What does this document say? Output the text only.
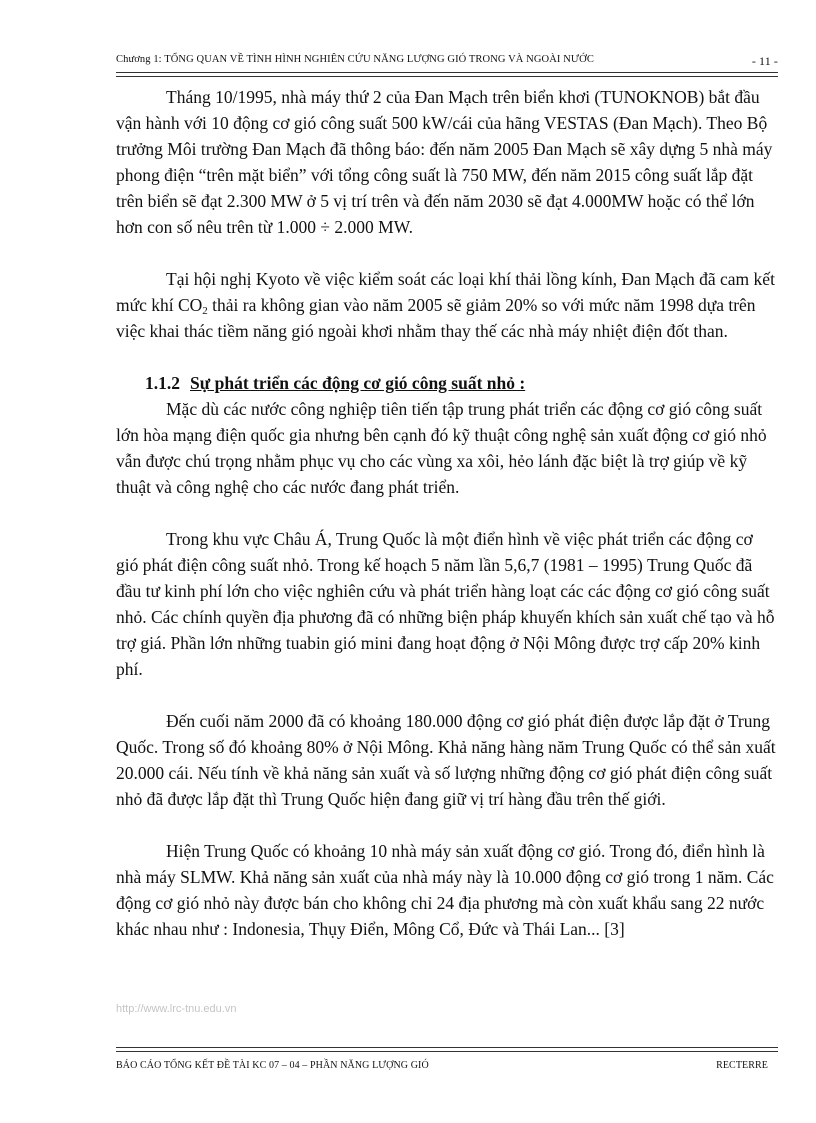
Chương 1: TỔNG QUAN VỀ TÌNH HÌNH NGHIÊN CỨU NĂNG LƯỢNG GIÓ TRONG VÀ NGOÀI NƯỚC	- 11 -

Tháng 10/1995, nhà máy thứ 2 của Đan Mạch trên biển khơi (TUNOKNOB) bắt đầu vận hành với 10 động cơ gió công suất 500 kW/cái của hãng VESTAS (Đan Mạch). Theo Bộ trưởng Môi trường Đan Mạch đã thông báo: đến năm 2005 Đan Mạch sẽ xây dựng 5 nhà máy phong điện “trên mặt biển” với tổng công suất là 750 MW, đến năm 2015 công suất lắp đặt trên biển sẽ đạt 2.300 MW ở 5 vị trí trên và đến năm 2030 sẽ đạt 4.000MW hoặc có thể lớn hơn con số nêu trên từ 1.000 ÷ 2.000 MW.

Tại hội nghị Kyoto về việc kiểm soát các loại khí thải lồng kính, Đan Mạch đã cam kết mức khí $CO_2$ thải ra không gian vào năm 2005 sẽ giảm 20% so với mức năm 1998 dựa trên việc khai thác tiềm năng gió ngoài khơi nhằm thay thế các nhà máy nhiệt điện đốt than.

1.1.2 Sự phát triển các động cơ gió công suất nhỏ :

Mặc dù các nước công nghiệp tiên tiến tập trung phát triển các động cơ gió công suất lớn hòa mạng điện quốc gia nhưng bên cạnh đó kỹ thuật công nghệ sản xuất động cơ gió nhỏ vẫn được chú trọng nhằm phục vụ cho các vùng xa xôi, hẻo lánh đặc biệt là trợ giúp về kỹ thuật và công nghệ cho các nước đang phát triển.

Trong khu vực Châu Á, Trung Quốc là một điển hình về việc phát triển các động cơ gió phát điện công suất nhỏ. Trong kế hoạch 5 năm lần 5,6,7 (1981 – 1995) Trung Quốc đã đầu tư kinh phí lớn cho việc nghiên cứu và phát triển hàng loạt các các động cơ gió công suất nhỏ. Các chính quyền địa phương đã có những biện pháp khuyến khích sản xuất chế tạo và hỗ trợ giá. Phần lớn những tuabin gió mini đang hoạt động ở Nội Mông được trợ cấp 20% kinh phí.

Đến cuối năm 2000 đã có khoảng 180.000 động cơ gió phát điện được lắp đặt ở Trung Quốc. Trong số đó khoảng 80% ở Nội Mông. Khả năng hàng năm Trung Quốc có thể sản xuất 20.000 cái. Nếu tính về khả năng sản xuất và số lượng những động cơ gió phát điện công suất nhỏ đã được lắp đặt thì Trung Quốc hiện đang giữ vị trí hàng đầu trên thế giới.

Hiện Trung Quốc có khoảng 10 nhà máy sản xuất động cơ gió. Trong đó, điển hình là nhà máy SLMW. Khả năng sản xuất của nhà máy này là 10.000 động cơ gió trong 1 năm. Các động cơ gió nhỏ này được bán cho không chỉ 24 địa phương mà còn xuất khẩu sang 22 nước khác nhau như : Indonesia, Thụy Điển, Mông Cổ, Đức và Thái Lan... [3]

http://www.lrc-tnu.edu.vn
BÁO CÁO TỔNG KẾT ĐỀ TÀI KC 07 – 04 – PHẦN NĂNG LƯỢNG GIÓ	RECTERRE
